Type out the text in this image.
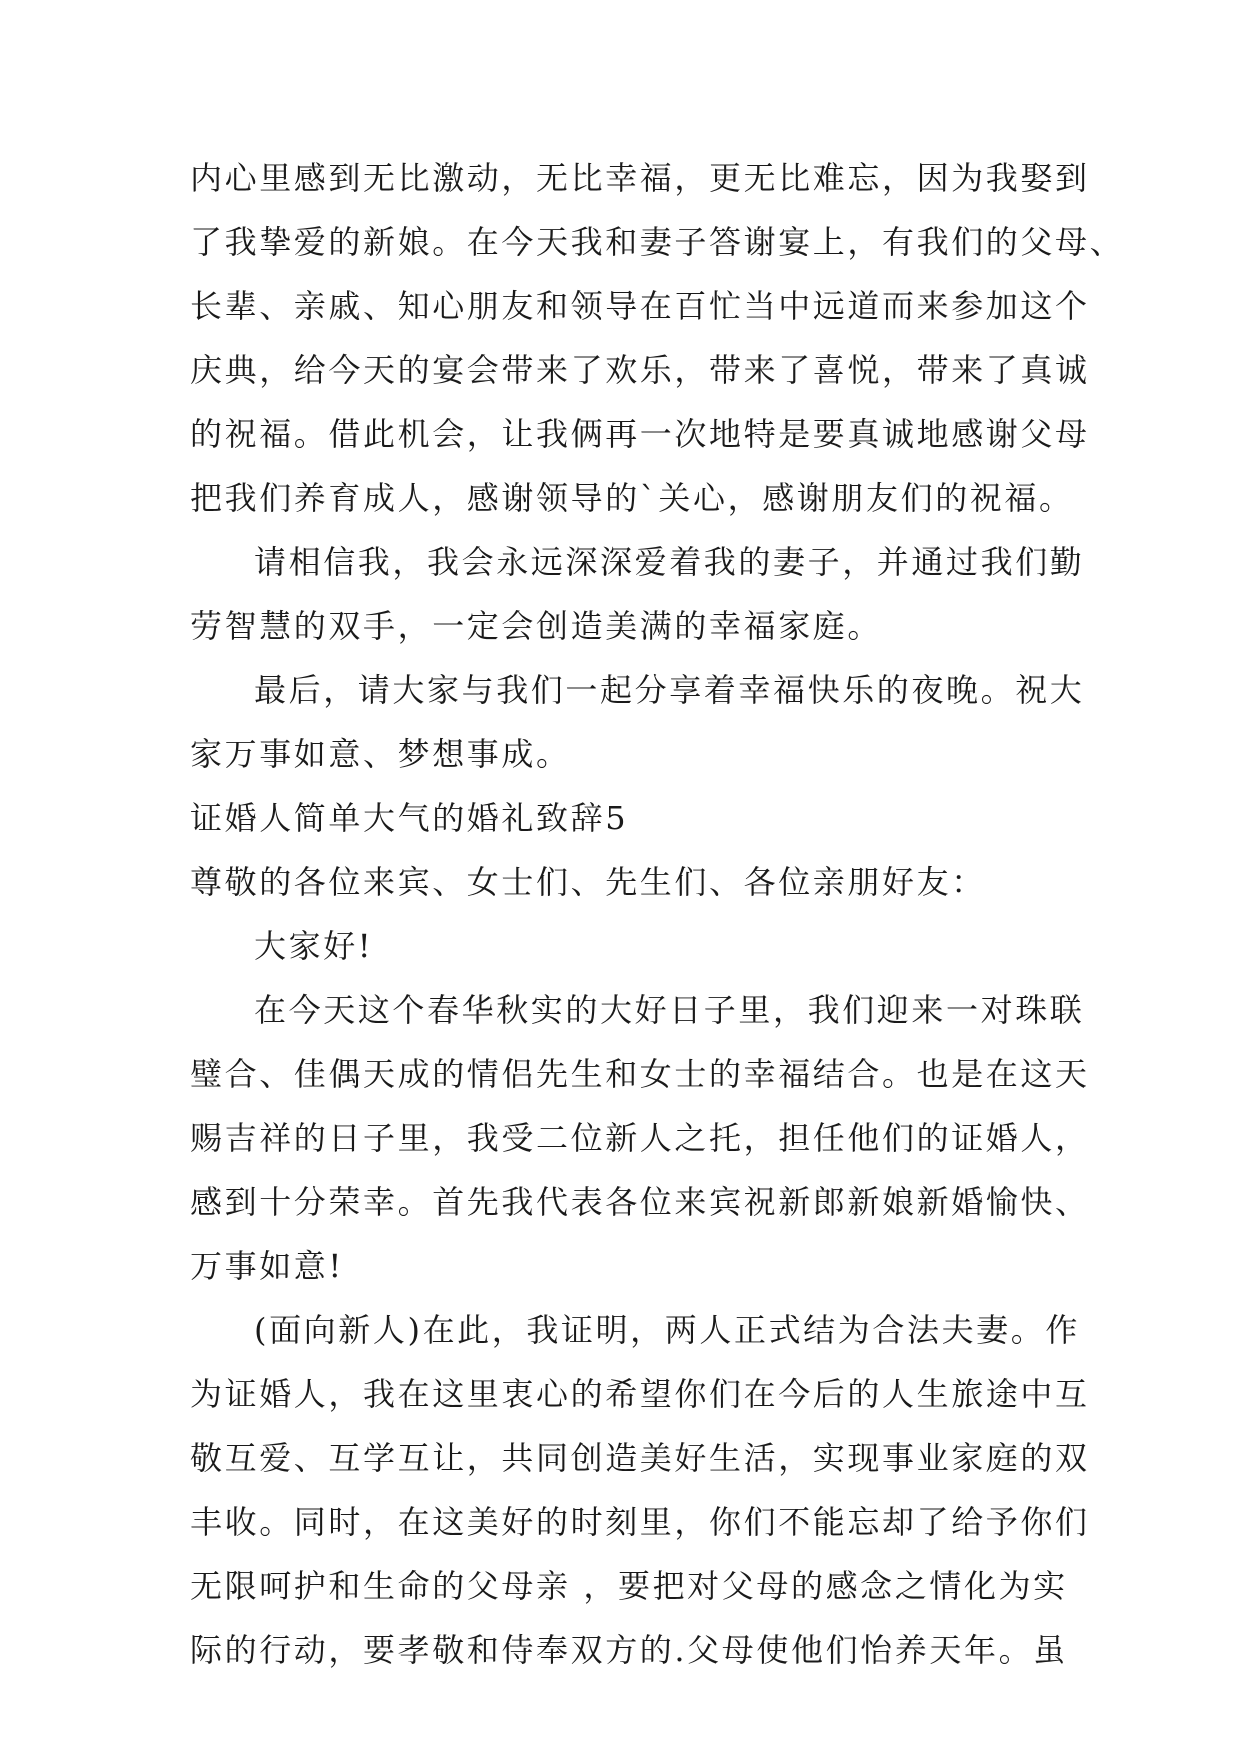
内心里感到无比激动，无比幸福，更无比难忘，因为我娶到
了我挚爱的新娘。在今天我和妻子答谢宴上，有我们的父母、
长辈、亲戚、知心朋友和领导在百忙当中远道而来参加这个
庆典，给今天的宴会带来了欢乐，带来了喜悦，带来了真诚
的祝福。借此机会，让我俩再一次地特是要真诚地感谢父母
把我们养育成人，感谢领导的`关心，感谢朋友们的祝福。
请相信我，我会永远深深爱着我的妻子，并通过我们勤
劳智慧的双手，一定会创造美满的幸福家庭。
最后，请大家与我们一起分享着幸福快乐的夜晚。祝大
家万事如意、梦想事成。
证婚人简单大气的婚礼致辞5
尊敬的各位来宾、女士们、先生们、各位亲朋好友：
大家好!
在今天这个春华秋实的大好日子里，我们迎来一对珠联
璧合、佳偶天成的情侣先生和女士的幸福结合。也是在这天
赐吉祥的日子里，我受二位新人之托，担任他们的证婚人，
感到十分荣幸。首先我代表各位来宾祝新郎新娘新婚愉快、
万事如意!
(面向新人)在此，我证明，两人正式结为合法夫妻。作
为证婚人，我在这里衷心的希望你们在今后的人生旅途中互
敬互爱、互学互让，共同创造美好生活，实现事业家庭的双
丰收。同时，在这美好的时刻里，你们不能忘却了给予你们
无限呵护和生命的父母亲 ，要把对父母的感念之情化为实
际的行动，要孝敬和侍奉双方的.父母使他们怡养天年。虽
